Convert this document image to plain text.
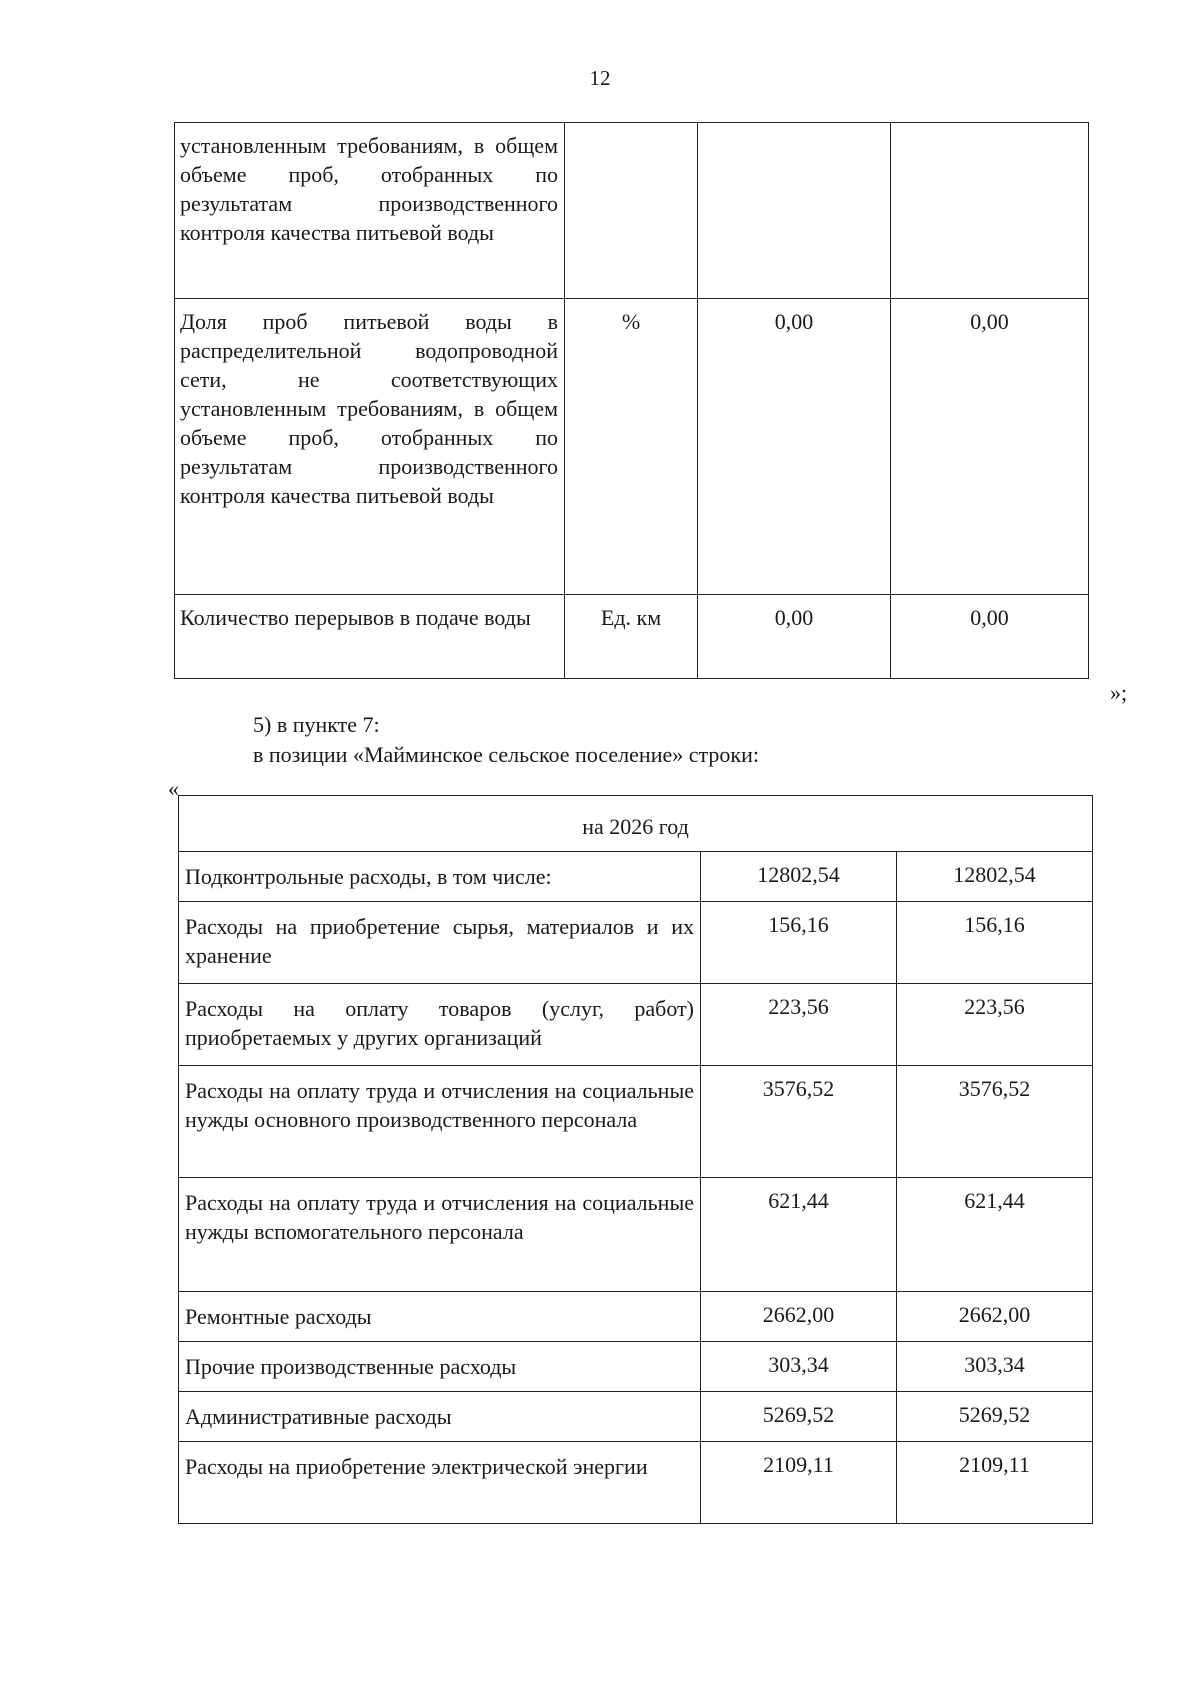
12
установленным требованиям, в общем объеме проб, отобранных по результатам производственного контроля качества питьевой воды			
Доля проб питьевой воды в распределительной водопроводной сети, не соответствующих установленным требованиям, в общем объеме проб, отобранных по результатам производственного контроля качества питьевой воды	%	0,00	0,00
Количество перерывов в подаче воды	Ед. км	0,00	0,00
»;
5) в пункте 7:
в позиции «Майминское сельское поселение» строки:
«
на 2026 год		
Подконтрольные расходы, в том числе:	12802,54	12802,54
Расходы на приобретение сырья, материалов и их хранение	156,16	156,16
Расходы на оплату товаров (услуг, работ) приобретаемых у других организаций	223,56	223,56
Расходы на оплату труда и отчисления на социальные нужды основного производственного персонала	3576,52	3576,52
Расходы на оплату труда и отчисления на социальные нужды вспомогательного персонала	621,44	621,44
Ремонтные расходы	2662,00	2662,00
Прочие производственные расходы	303,34	303,34
Административные расходы	5269,52	5269,52
Расходы на приобретение электрической энергии	2109,11	2109,11
